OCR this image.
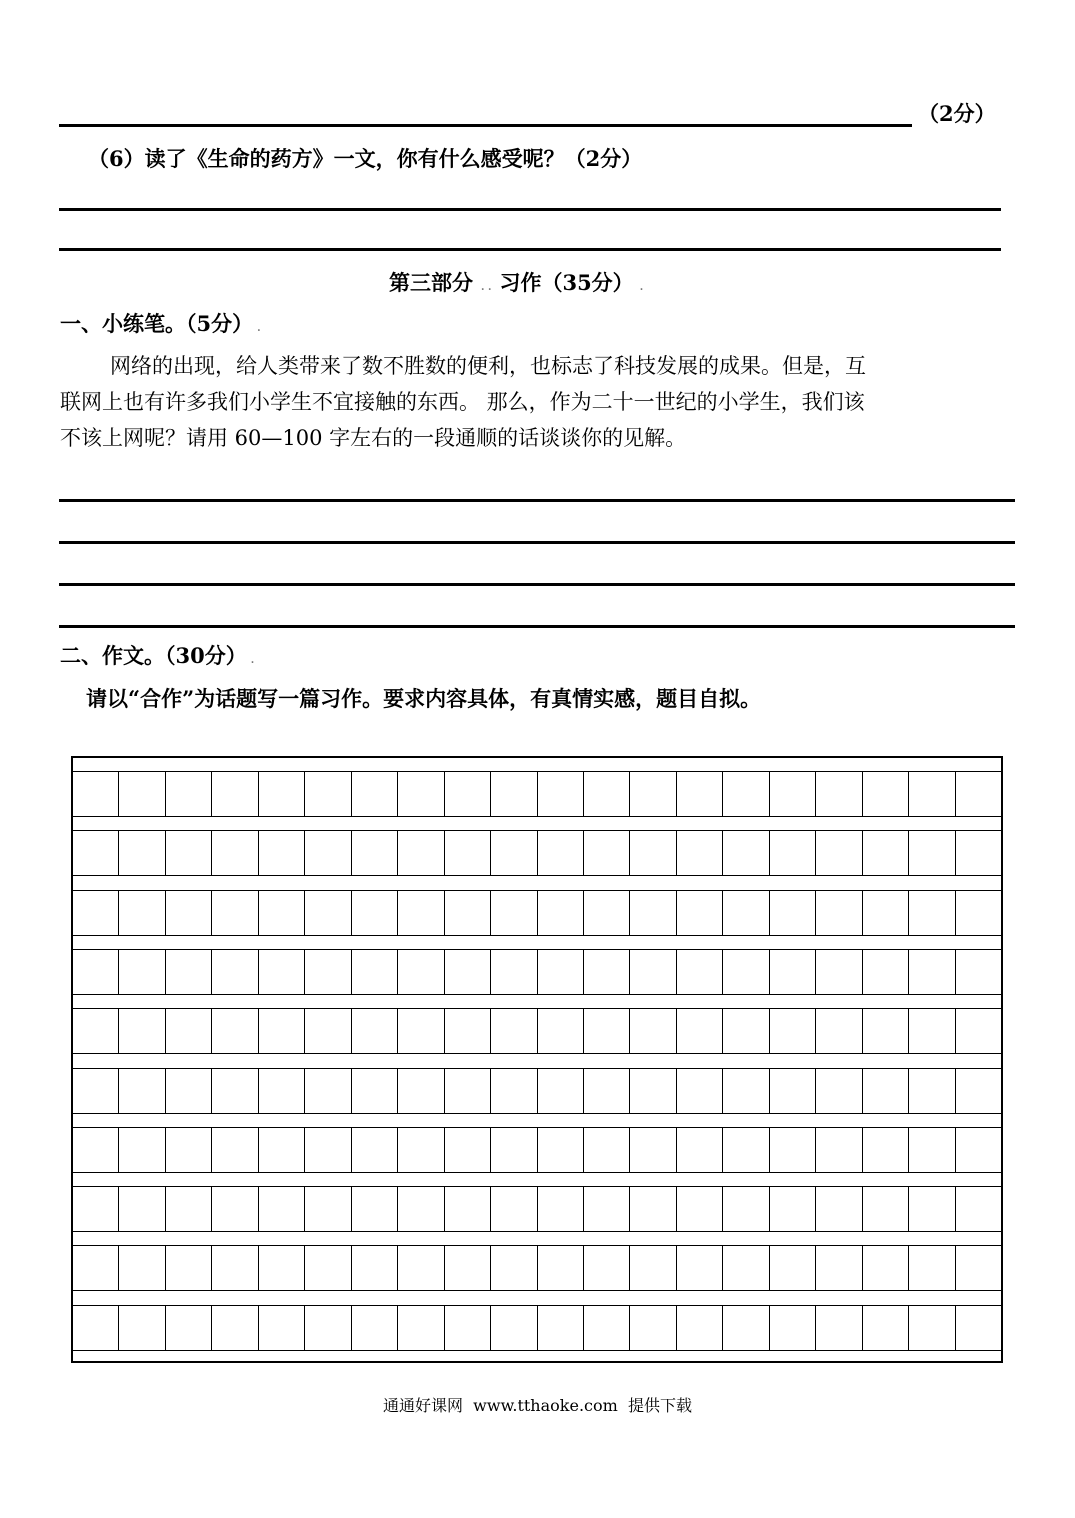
（2分）
（6）读了《生命的药方》一文，你有什么感受呢？（2分）
第三部分 . . 习作（35分） .
一、小练笔。（5分） .
网络的出现，给人类带来了数不胜数的便利，也标志了科技发展的成果。但是，互
联网上也有许多我们小学生不宜接触的东西。 那么，作为二十一世纪的小学生，我们该
不该上网呢？请用 60—100 字左右的一段通顺的话谈谈你的见解。
二、作文。（30分） .
请以“合作”为话题写一篇习作。要求内容具体，有真情实感，题目自拟。
通通好课网  www.tthaoke.com  提供下载
